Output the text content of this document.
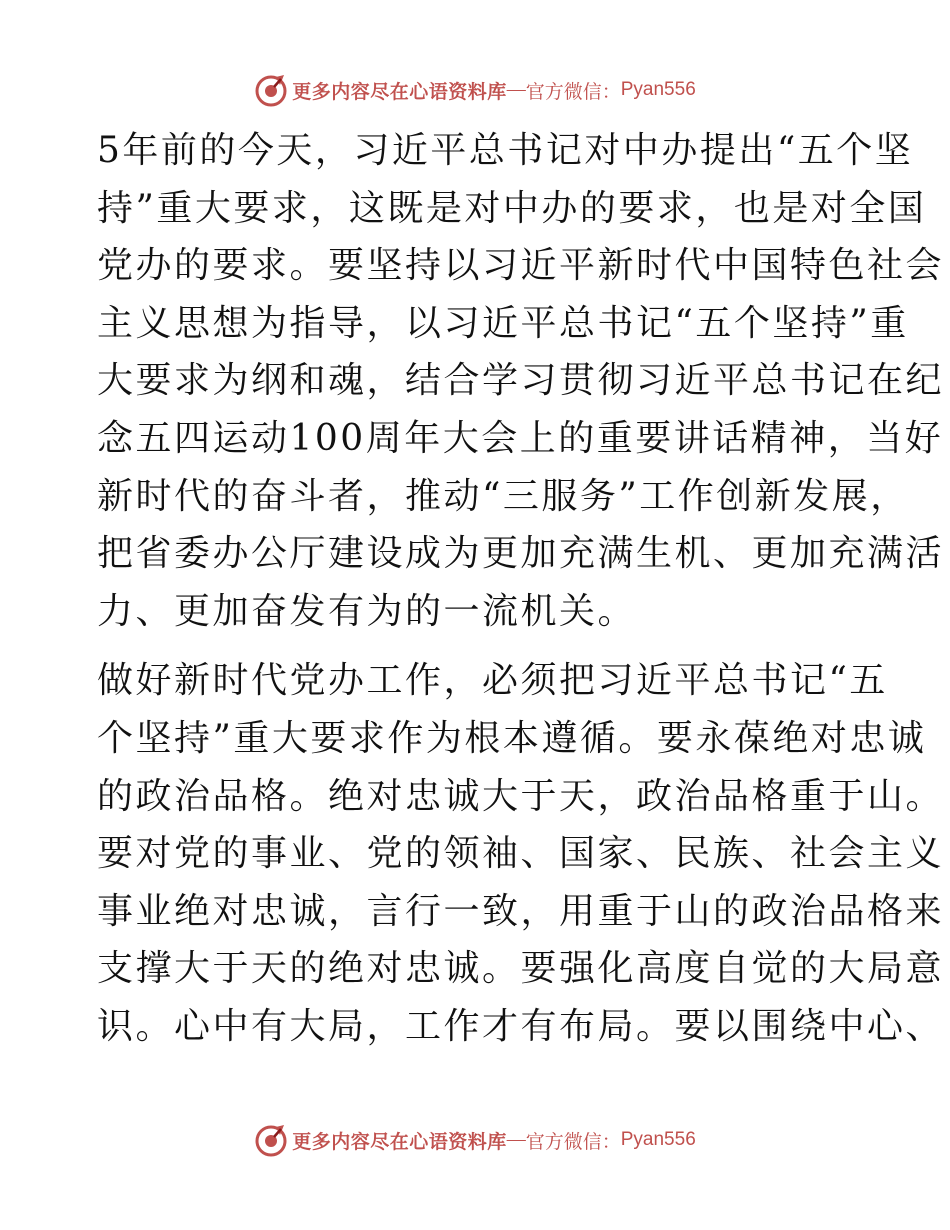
更多内容尽在心语资料库 — 官方微信： Pyan556
5年前的今天，习近平总书记对中办提出“五个坚
持”重大要求，这既是对中办的要求，也是对全国
党办的要求。要坚持以习近平新时代中国特色社会
主义思想为指导，以习近平总书记“五个坚持”重
大要求为纲和魂，结合学习贯彻习近平总书记在纪
念五四运动100周年大会上的重要讲话精神，当好
新时代的奋斗者，推动“三服务”工作创新发展，
把省委办公厅建设成为更加充满生机、更加充满活
力、更加奋发有为的一流机关。
做好新时代党办工作，必须把习近平总书记“五
个坚持”重大要求作为根本遵循。要永葆绝对忠诚
的政治品格。绝对忠诚大于天，政治品格重于山。
要对党的事业、党的领袖、国家、民族、社会主义
事业绝对忠诚，言行一致，用重于山的政治品格来
支撑大于天的绝对忠诚。要强化高度自觉的大局意
识。心中有大局，工作才有布局。要以围绕中心、
更多内容尽在心语资料库 — 官方微信： Pyan556
